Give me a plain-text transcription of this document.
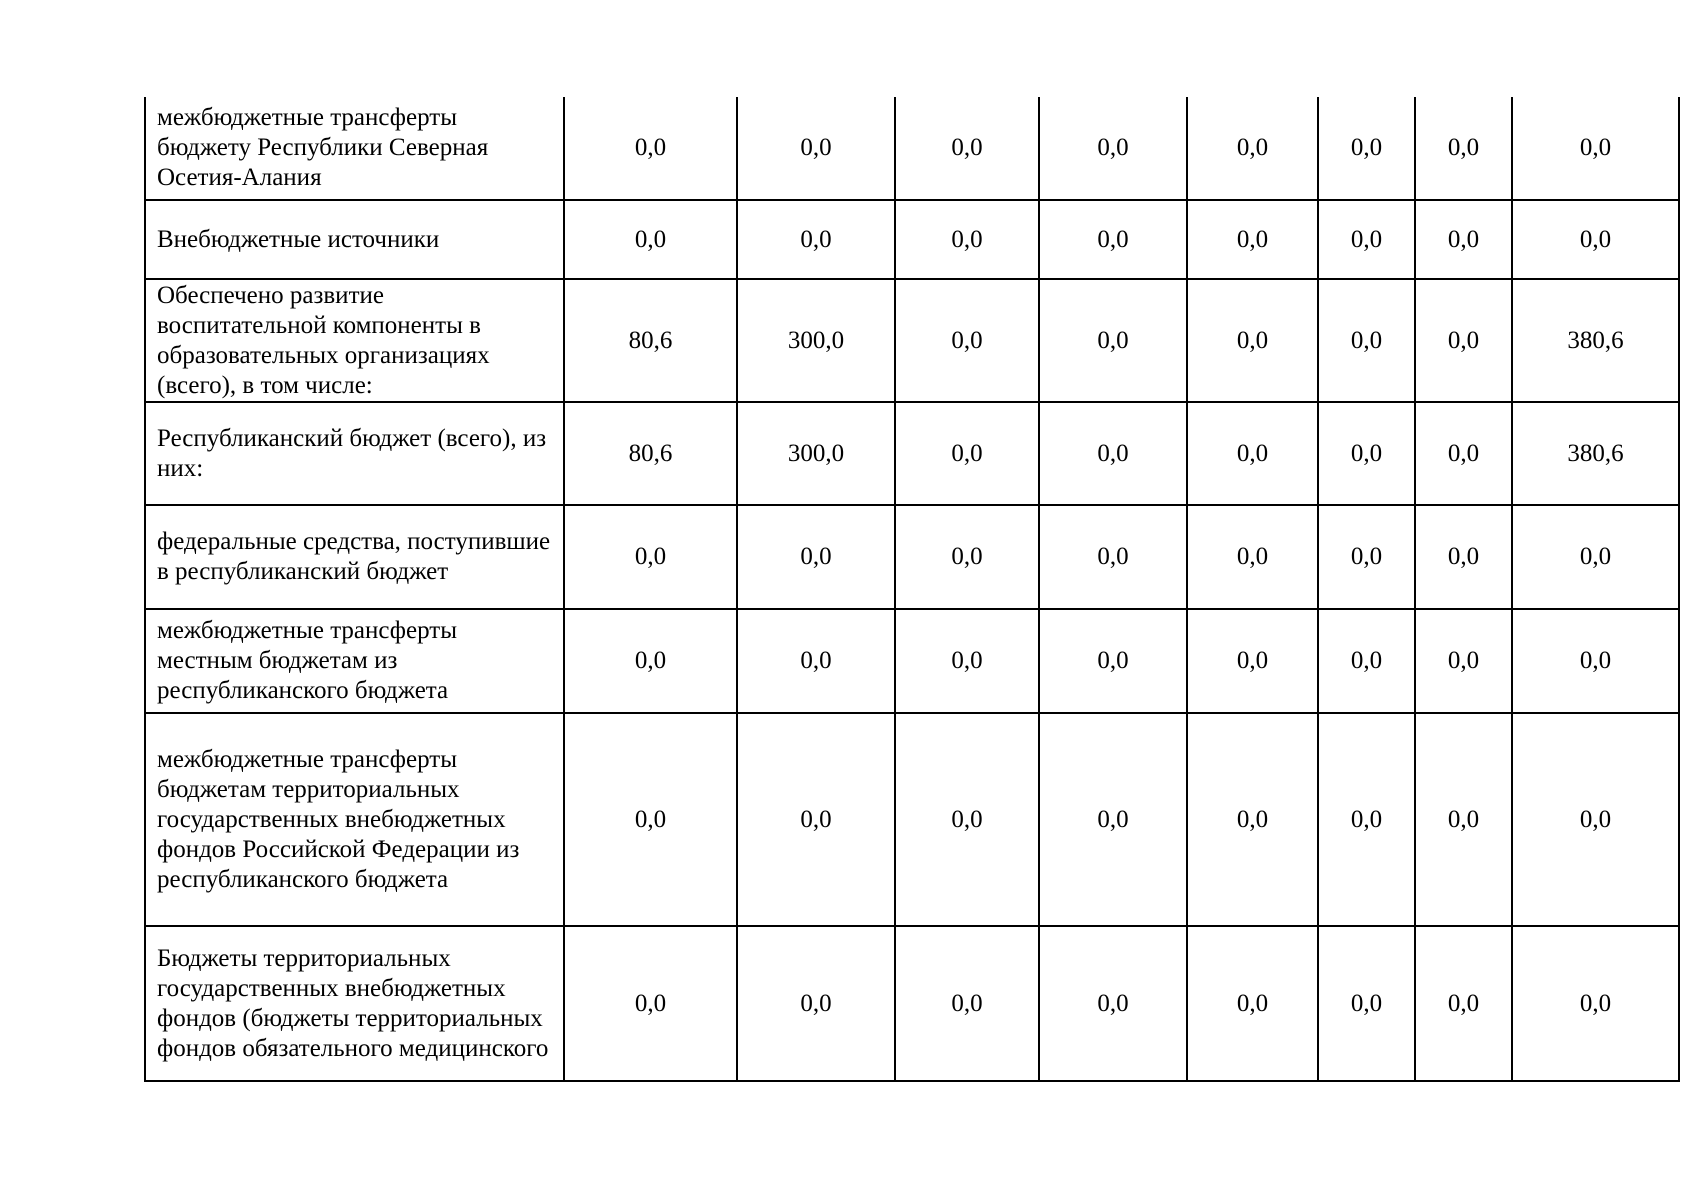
межбюджетные трансферты бюджету Республики Северная Осетия-Алания	0,0	0,0	0,0	0,0	0,0	0,0	0,0	0,0
Внебюджетные источники	0,0	0,0	0,0	0,0	0,0	0,0	0,0	0,0
Обеспечено развитие воспитательной компоненты в образовательных организациях (всего), в том числе:	80,6	300,0	0,0	0,0	0,0	0,0	0,0	380,6
Республиканский бюджет (всего), из них:	80,6	300,0	0,0	0,0	0,0	0,0	0,0	380,6
федеральные средства, поступившие в республиканский бюджет	0,0	0,0	0,0	0,0	0,0	0,0	0,0	0,0
межбюджетные трансферты местным бюджетам из республиканского бюджета	0,0	0,0	0,0	0,0	0,0	0,0	0,0	0,0
межбюджетные трансферты бюджетам территориальных государственных внебюджетных фондов Российской Федерации из республиканского бюджета	0,0	0,0	0,0	0,0	0,0	0,0	0,0	0,0
Бюджеты территориальных государственных внебюджетных фондов (бюджеты территориальных фондов обязательного медицинского	0,0	0,0	0,0	0,0	0,0	0,0	0,0	0,0
